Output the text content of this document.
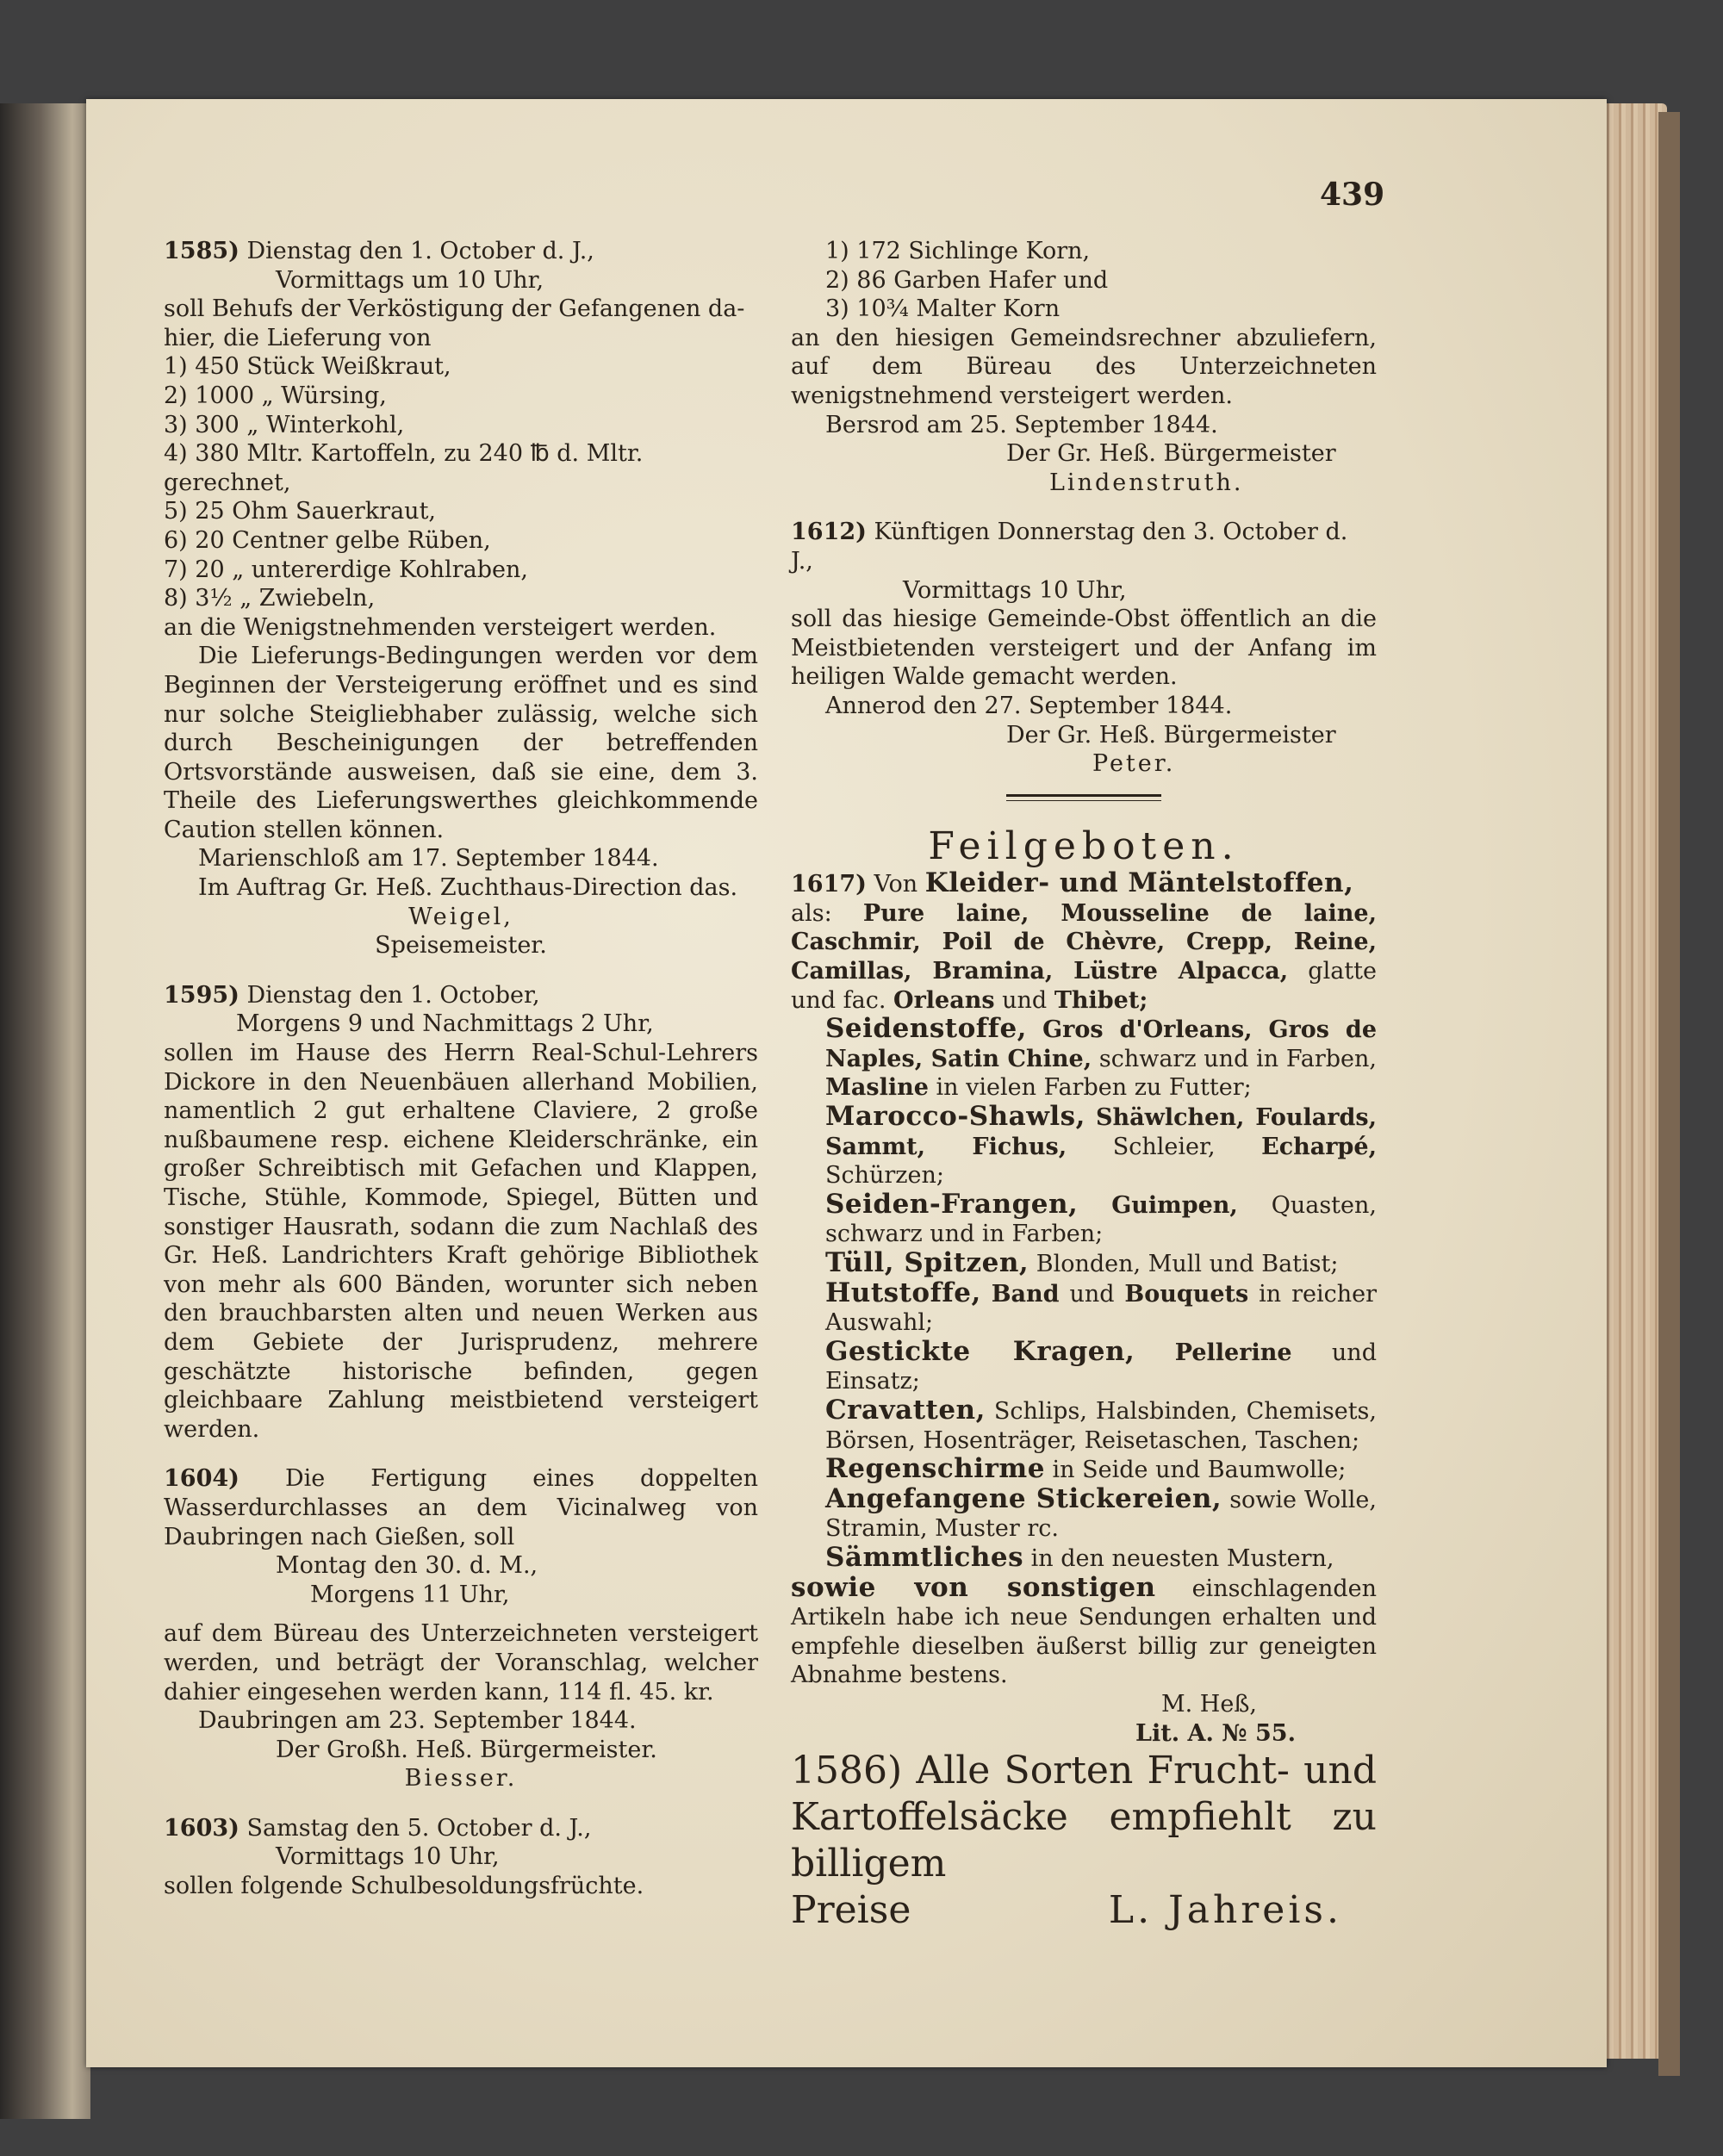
439

1585) Dienstag den 1. October d. J.,

Vormittags um 10 Uhr,

soll Behufs der Verköstigung der Gefangenen da-

hier, die Lieferung von

1) 450 Stück Weißkraut,

2) 1000 „ Würsing,

3) 300 „ Winterkohl,

4) 380 Mltr. Kartoffeln, zu 240 ℔ d. Mltr. gerechnet,

5) 25 Ohm Sauerkraut,

6) 20 Centner gelbe Rüben,

7) 20 „ untererdige Kohlraben,

8) 3½ „ Zwiebeln,

an die Wenigstnehmenden versteigert werden.

Die Lieferungs-Bedingungen werden vor dem Beginnen der Versteigerung eröffnet und es sind nur solche Steigliebhaber zulässig, welche sich durch Bescheinigungen der betreffenden Ortsvorstände ausweisen, daß sie eine, dem 3. Theile des Lieferungswerthes gleichkommende Caution stellen können.

Marienschloß am 17. September 1844.

Im Auftrag Gr. Heß. Zuchthaus-Direction das.

Weigel,

Speisemeister.

1595) Dienstag den 1. October,

Morgens 9 und Nachmittags 2 Uhr,

sollen im Hause des Herrn Real-Schul-Lehrers Dickore in den Neuenbäuen allerhand Mobilien, namentlich 2 gut erhaltene Claviere, 2 große nußbaumene resp. eichene Kleiderschränke, ein großer Schreibtisch mit Gefachen und Klappen, Tische, Stühle, Kommode, Spiegel, Bütten und sonstiger Hausrath, sodann die zum Nachlaß des Gr. Heß. Landrichters Kraft gehörige Bibliothek von mehr als 600 Bänden, worunter sich neben den brauchbarsten alten und neuen Werken aus dem Gebiete der Jurisprudenz, mehrere geschätzte historische befinden, gegen gleichbaare Zahlung meistbietend versteigert werden.

1604) Die Fertigung eines doppelten Wasserdurchlasses an dem Vicinalweg von Daubringen nach Gießen, soll

Montag den 30. d. M.,

Morgens 11 Uhr,

auf dem Büreau des Unterzeichneten versteigert werden, und beträgt der Voranschlag, welcher dahier eingesehen werden kann, 114 fl. 45. kr.

Daubringen am 23. September 1844.

Der Großh. Heß. Bürgermeister.

Biesser.

1603) Samstag den 5. October d. J.,

Vormittags 10 Uhr,

sollen folgende Schulbesoldungsfrüchte.

1) 172 Sichlinge Korn,

2) 86 Garben Hafer und

3) 10¾ Malter Korn

an den hiesigen Gemeindsrechner abzuliefern, auf dem Büreau des Unterzeichneten wenigstnehmend versteigert werden.

Bersrod am 25. September 1844.

Der Gr. Heß. Bürgermeister

Lindenstruth.

1612) Künftigen Donnerstag den 3. October d. J.,

Vormittags 10 Uhr,

soll das hiesige Gemeinde-Obst öffentlich an die Meistbietenden versteigert und der Anfang im heiligen Walde gemacht werden.

Annerod den 27. September 1844.

Der Gr. Heß. Bürgermeister

Peter.

Feilgeboten.

1617) Von Kleider- und Mäntelstoffen,

als: Pure laine, Mousseline de laine, Caschmir, Poil de Chèvre, Crepp, Reine, Camillas, Bramina, Lüstre Alpacca, glatte und fac. Orleans und Thibet;

Seidenstoffe, Gros d'Orleans, Gros de Naples, Satin Chine, schwarz und in Farben, Masline in vielen Farben zu Futter;

Marocco-Shawls, Shäwlchen, Foulards, Sammt, Fichus, Schleier, Echarpé, Schürzen;

Seiden-Frangen, Guimpen, Quasten, schwarz und in Farben;

Tüll, Spitzen, Blonden, Mull und Batist;

Hutstoffe, Band und Bouquets in reicher Auswahl;

Gestickte Kragen, Pellerine und Einsatz;

Cravatten, Schlips, Halsbinden, Chemisets, Börsen, Hosenträger, Reisetaschen, Taschen;

Regenschirme in Seide und Baumwolle;

Angefangene Stickereien, sowie Wolle, Stramin, Muster rc.

Sämmtliches in den neuesten Mustern,

sowie von sonstigen einschlagenden Artikeln habe ich neue Sendungen erhalten und empfehle dieselben äußerst billig zur geneigten Abnahme bestens.

M. Heß,

Lit. A. № 55.

1586) Alle Sorten Frucht- und Kartoffelsäcke empfiehlt zu billigem

Preise	L. Jahreis.
